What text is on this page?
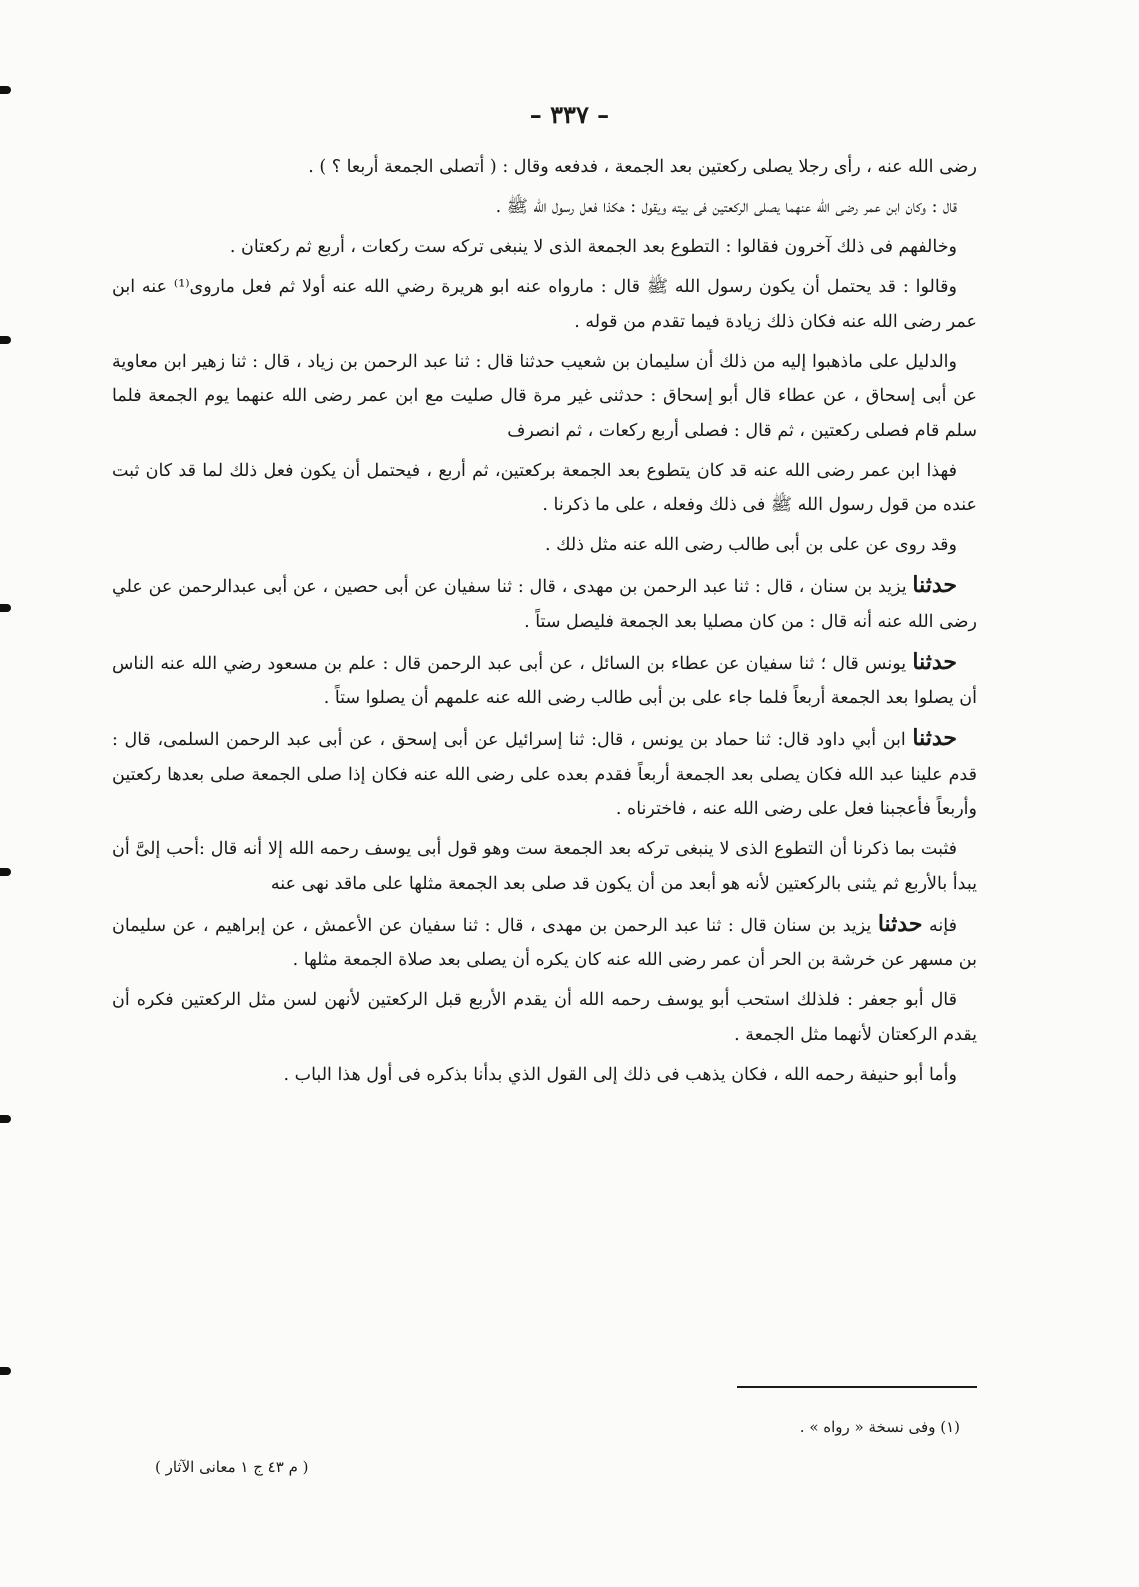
– ٣٣٧ –

رضى الله عنه ، رأى رجلا يصلى ركعتين بعد الجمعة ، فدفعه وقال : ( أتصلى الجمعة أربعا ؟ ) .

قال : وكان ابن عمر رضى الله عنهما يصلى الركعتين فى بيته ويقول : هكذا فعل رسول الله ﷺ .

وخالفهم فى ذلك آخرون فقالوا : التطوع بعد الجمعة الذى لا ينبغى تركه ست ركعات ، أربع ثم ركعتان .

وقالوا : قد يحتمل أن يكون رسول الله ﷺ قال : ماروا‌ه عنه ابو هريرة رضي الله عنه أولا ثم فعل ماروى⁽¹⁾ عنه ابن عمر رضى الله عنه فكان ذلك زيادة فيما تقدم من قوله .

والدليل على ماذهبوا إليه من ذلك أن سليمان بن شعيب حدثنا قال : ثنا عبد الرحمن بن زياد ، قال : ثنا زهير ابن معاوية عن أبى إسحاق ، عن عطاء قال أبو إسحاق : حدثنى غير مرة قال صليت مع ابن عمر رضى الله عنهما يوم الجمعة فلما سلم قام فصلى ركعتين ، ثم قال : فصلى أربع ركعات ، ثم انصرف

فهذا ابن عمر رضى الله عنه قد كان يتطوع بعد الجمعة بركعتين، ثم أربع ، فيحتمل أن يكون فعل ذلك لما قد كان ثبت عنده من قول رسول الله ﷺ فى ذلك وفعله ، على ما ذكرنا .

وقد روى عن على بن أبى طالب رضى الله عنه مثل ذلك .

حدثنا يزيد بن سنان ، قال : ثنا عبد الرحمن بن مهدى ، قال : ثنا سفيان عن أبى حصين ، عن أبى عبدالرحمن عن علي رضى الله عنه أنه قال : من كان مصليا بعد الجمعة فليصل ستاً .

حدثنا يونس قال ؛ ثنا سفيان عن عطاء بن السائل ، عن أبى عبد الرحمن قال : علم بن مسعود رضي الله عنه الناس أن يصلوا بعد الجمعة أربعاً فلما جاء على بن أبى طالب رضى الله عنه علمهم أن يصلوا ستاً .

حدثنا ابن أبي داود قال: ثنا حماد بن يونس ، قال: ثنا إسرائيل عن أبى إسحق ، عن أبى عبد الرحمن السلمى، قال : قدم علينا عبد الله فكان يصلى بعد الجمعة أربعاً فقدم بعده على رضى الله عنه فكان إذا صلى الجمعة صلى بعدها ركعتين وأربعاً فأعجبنا فعل على رضى الله عنه ، فاخترناه .

فثبت بما ذكرنا أن التطوع الذى لا ينبغى تركه بعد الجمعة ست وهو قول أبى يوسف رحمه الله إلا أنه قال :أحب إلىَّ أن يبدأ بالأربع ثم يثنى بالركعتين لأنه هو أبعد من أن يكون قد صلى بعد الجمعة مثلها على ماقد نهى عنه

فإنه حدثنا يزيد بن سنان قال : ثنا عبد الرحمن بن مهدى ، قال : ثنا سفيان عن الأعمش ، عن إبراهيم ، عن سليمان بن مسهر عن خرشة بن الحر أن عمر رضى الله عنه كان يكره أن يصلى بعد صلاة الجمعة مثلها .

قال أبو جعفر : فلذلك استحب أبو يوسف رحمه الله أن يقدم الأربع قبل الركعتين لأنهن لسن مثل الركعتين فكره أن يقدم الركعتان لأنهما مثل الجمعة .

وأما أبو حنيفة رحمه الله ، فكان يذهب فى ذلك إلى القول الذي بدأنا بذكره فى أول هذا الباب .

(١) وفى نسخة « رواه » .
( م ٤٣ ج ١ معانى الآثار )
